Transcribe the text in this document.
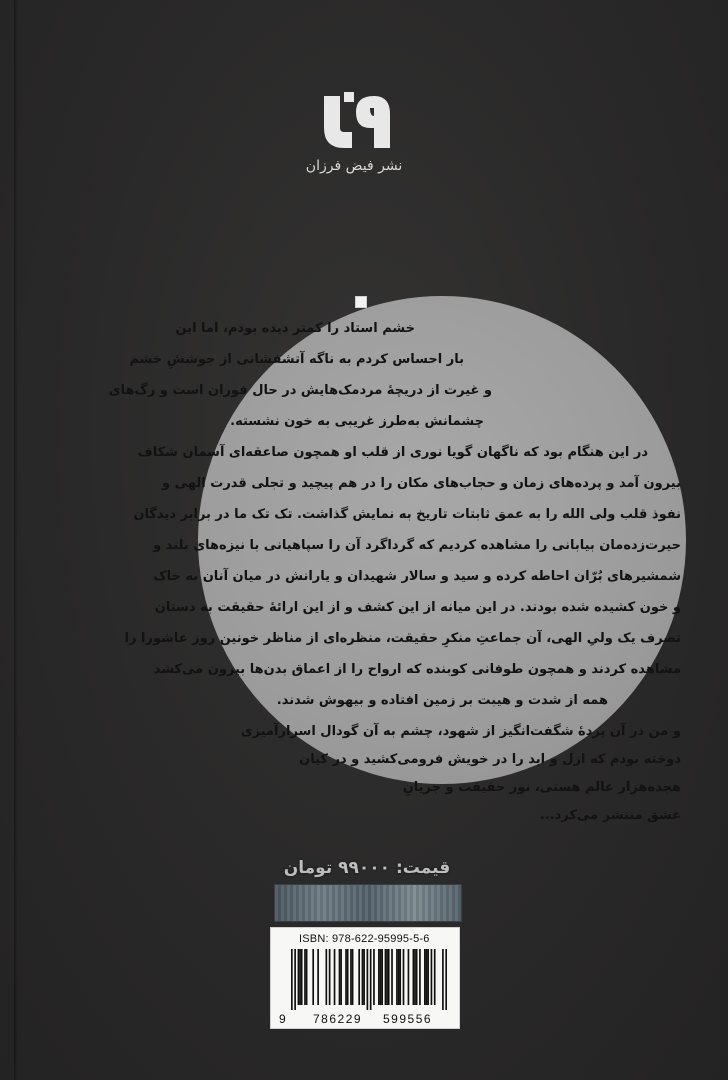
نشر فیض فرزان
خشم استاد را کمتر دیده بودم، اما این
بار احساس کردم به ناگه آتشفشانی از جوششِ خشم
و غیرت از دریچهٔ مردمک‌هایش در حال فوران است و رگ‌های
چشمانش به‌طرز غریبی به خون نشسته.
در این هنگام بود که ناگهان گویا نوری از قلب او همچون صاعقه‌ای آسمان شکاف
بیرون آمد و پرده‌های زمان و حجاب‌های مکان را در هم پیچید و تجلی قدرت الهی و
نفوذ قلب ولی الله را به عمق ثابتات تاریخ به نمایش گذاشت. تک تک ما در برابر دیدگان
حیرت‌زده‌مان بیابانی را مشاهده کردیم که گرداگرد آن را سپاهیانی با نیزه‌های بلند و
شمشیرهای بُرّان احاطه کرده و سید و سالار شهیدان و یارانش در میان آنان به خاک
و خون کشیده شده بودند. در این میانه از این کشف و از این ارائهٔ حقیقت به دستان
تصرف یک ولیِ الهی، آن جماعتِ منکرِ حقیقت، منظره‌ای از مناظر خونین روز عاشورا را
مشاهده کردند و همچون طوفانی کوبنده که ارواح را از اعماق بدن‌ها بیرون می‌کشد
همه از شدت و هیبت بر زمین افتاده و بیهوش شدند.
و من در آن پردهٔ شگفت‌انگیز از شهود، چشم به آن گودال اسرارآمیزی
دوخته بودم که ازل و ابد را در خویش فرومی‌کشید و در کیان
هجده‌هزار عالم هستی، نور حقیقت و جریانِ
عشق منتشر می‌کرد...
قیمت: ۹۹۰۰۰ تومان
ISBN: 978-622-95995-5-6
9 786229 599556
